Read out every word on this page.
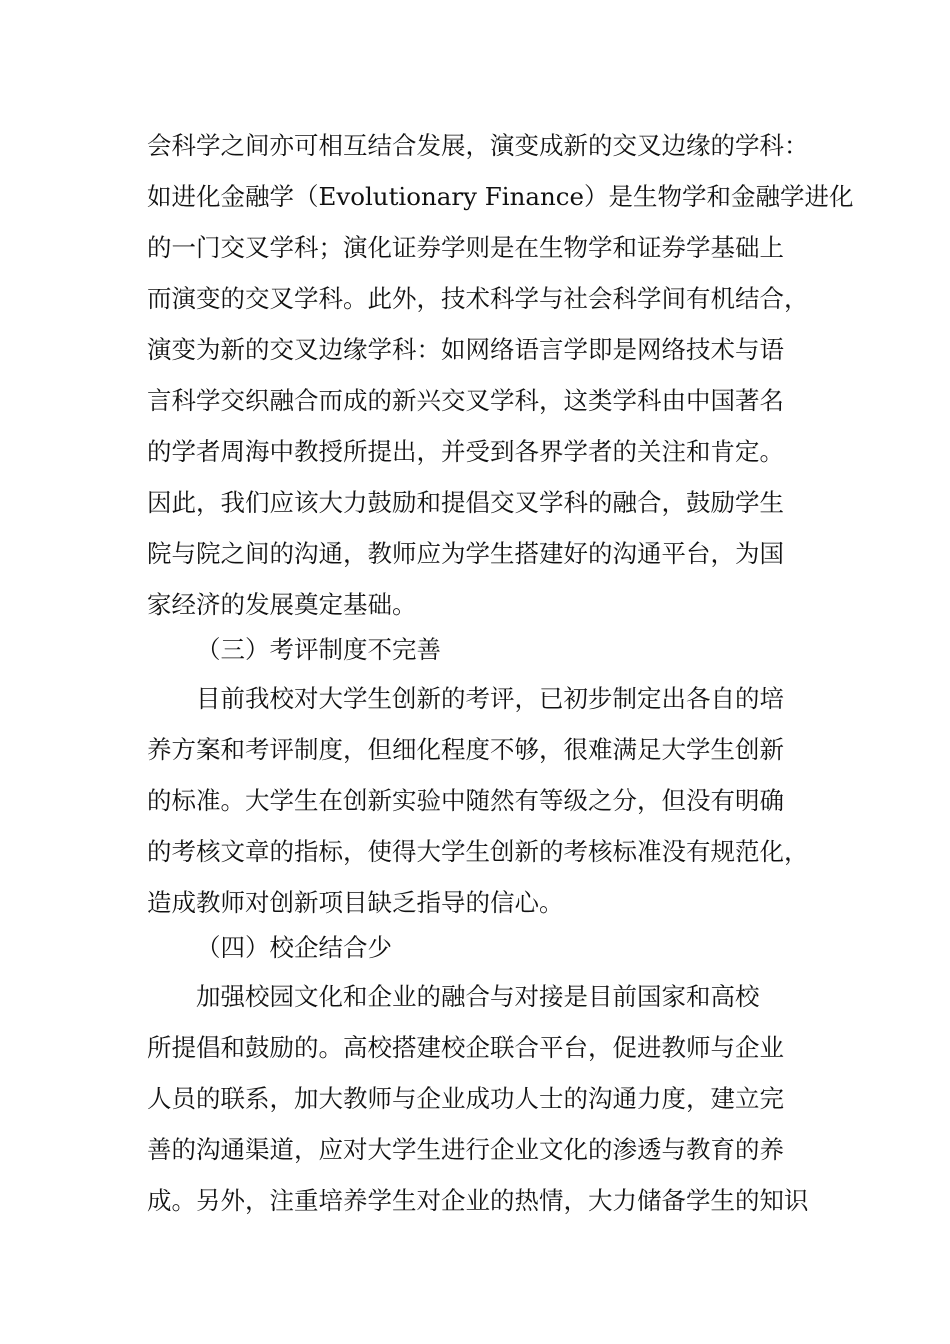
会科学之间亦可相互结合发展，演变成新的交叉边缘的学科：
如进化金融学（Evolutionary Finance）是生物学和金融学进化
的一门交叉学科；演化证券学则是在生物学和证券学基础上
而演变的交叉学科。此外，技术科学与社会科学间有机结合，
演变为新的交叉边缘学科：如网络语言学即是网络技术与语
言科学交织融合而成的新兴交叉学科，这类学科由中国著名
的学者周海中教授所提出，并受到各界学者的关注和肯定。
因此，我们应该大力鼓励和提倡交叉学科的融合，鼓励学生
院与院之间的沟通，教师应为学生搭建好的沟通平台，为国
家经济的发展奠定基础。
（三）考评制度不完善
目前我校对大学生创新的考评，已初步制定出各自的培
养方案和考评制度，但细化程度不够，很难满足大学生创新
的标准。大学生在创新实验中随然有等级之分，但没有明确
的考核文章的指标，使得大学生创新的考核标准没有规范化，
造成教师对创新项目缺乏指导的信心。
（四）校企结合少
加强校园文化和企业的融合与对接是目前国家和高校
所提倡和鼓励的。高校搭建校企联合平台，促进教师与企业
人员的联系，加大教师与企业成功人士的沟通力度，建立完
善的沟通渠道，应对大学生进行企业文化的渗透与教育的养
成。另外，注重培养学生对企业的热情，大力储备学生的知识
